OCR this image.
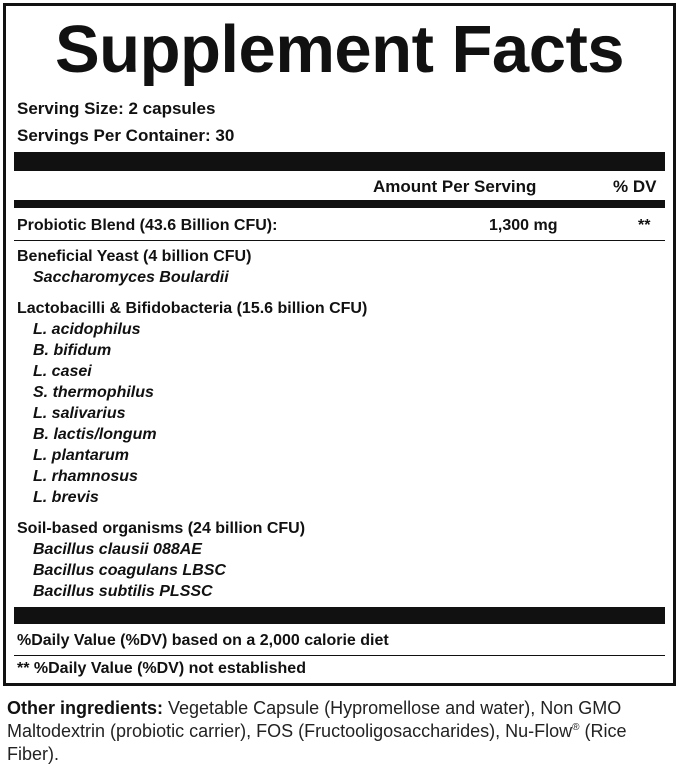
Supplement Facts
Serving Size: 2 capsules
Servings Per Container: 30
Amount Per Serving	% DV
Probiotic Blend (43.6 Billion CFU):	1,300 mg	**
Beneficial Yeast (4 billion CFU)
Saccharomyces Boulardii
Lactobacilli & Bifidobacteria (15.6 billion CFU)
L. acidophilus
B. bifidum
L. casei
S. thermophilus
L. salivarius
B. lactis/longum
L. plantarum
L. rhamnosus
L. brevis
Soil-based organisms (24 billion CFU)
Bacillus clausii 088AE
Bacillus coagulans LBSC
Bacillus subtilis PLSSC
%Daily Value (%DV) based on a 2,000 calorie diet
** %Daily Value (%DV) not established
Other ingredients: Vegetable Capsule (Hypromellose and water), Non GMO Maltodextrin (probiotic carrier), FOS (Fructooligosaccharides), Nu-Flow® (Rice Fiber).
